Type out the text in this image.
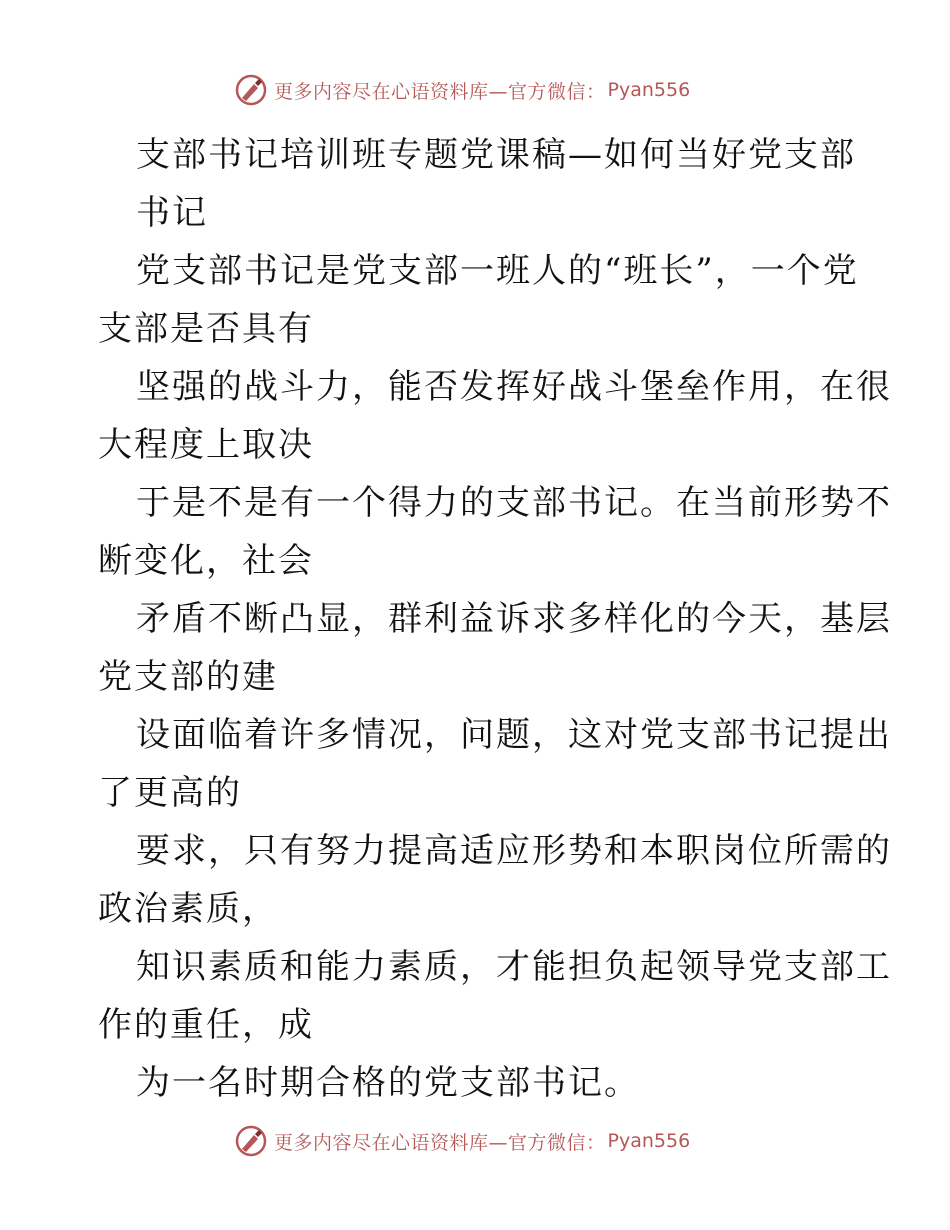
更多内容尽在心语资料库—官方微信： Pyan556
支部书记培训班专题党课稿—如何当好党支部
书记
党支部书记是党支部一班人的“班长”，一个党
支部是否具有
坚强的战斗力，能否发挥好战斗堡垒作用，在很
大程度上取决
于是不是有一个得力的支部书记。在当前形势不
断变化，社会
矛盾不断凸显，群利益诉求多样化的今天，基层
党支部的建
设面临着许多情况，问题，这对党支部书记提出
了更高的
要求，只有努力提高适应形势和本职岗位所需的
政治素质，
知识素质和能力素质，才能担负起领导党支部工
作的重任，成
为一名时期合格的党支部书记。
更多内容尽在心语资料库—官方微信： Pyan556
